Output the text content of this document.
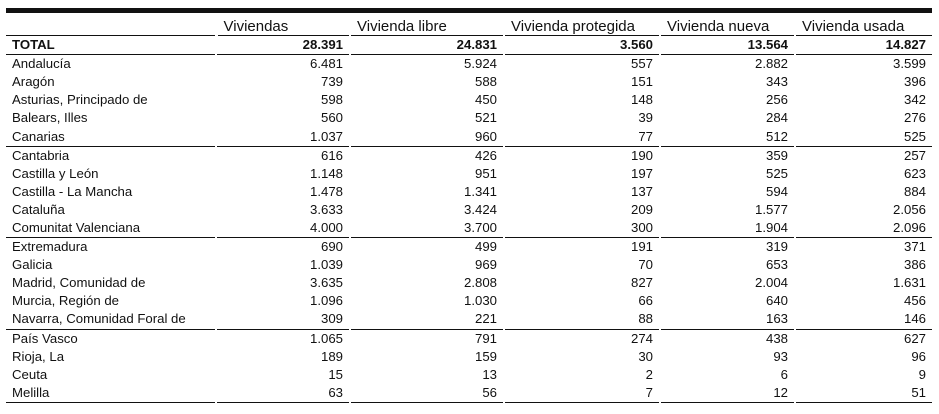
	Viviendas	Vivienda libre	Vivienda protegida	Vivienda nueva	Vivienda usada
TOTAL	28.391	24.831	3.560	13.564	14.827
Andalucía	6.481	5.924	557	2.882	3.599
Aragón	739	588	151	343	396
Asturias, Principado de	598	450	148	256	342
Balears, Illes	560	521	39	284	276
Canarias	1.037	960	77	512	525
Cantabria	616	426	190	359	257
Castilla y León	1.148	951	197	525	623
Castilla - La Mancha	1.478	1.341	137	594	884
Cataluña	3.633	3.424	209	1.577	2.056
Comunitat Valenciana	4.000	3.700	300	1.904	2.096
Extremadura	690	499	191	319	371
Galicia	1.039	969	70	653	386
Madrid, Comunidad de	3.635	2.808	827	2.004	1.631
Murcia, Región de	1.096	1.030	66	640	456
Navarra, Comunidad Foral de	309	221	88	163	146
País Vasco	1.065	791	274	438	627
Rioja, La	189	159	30	93	96
Ceuta	15	13	2	6	9
Melilla	63	56	7	12	51
